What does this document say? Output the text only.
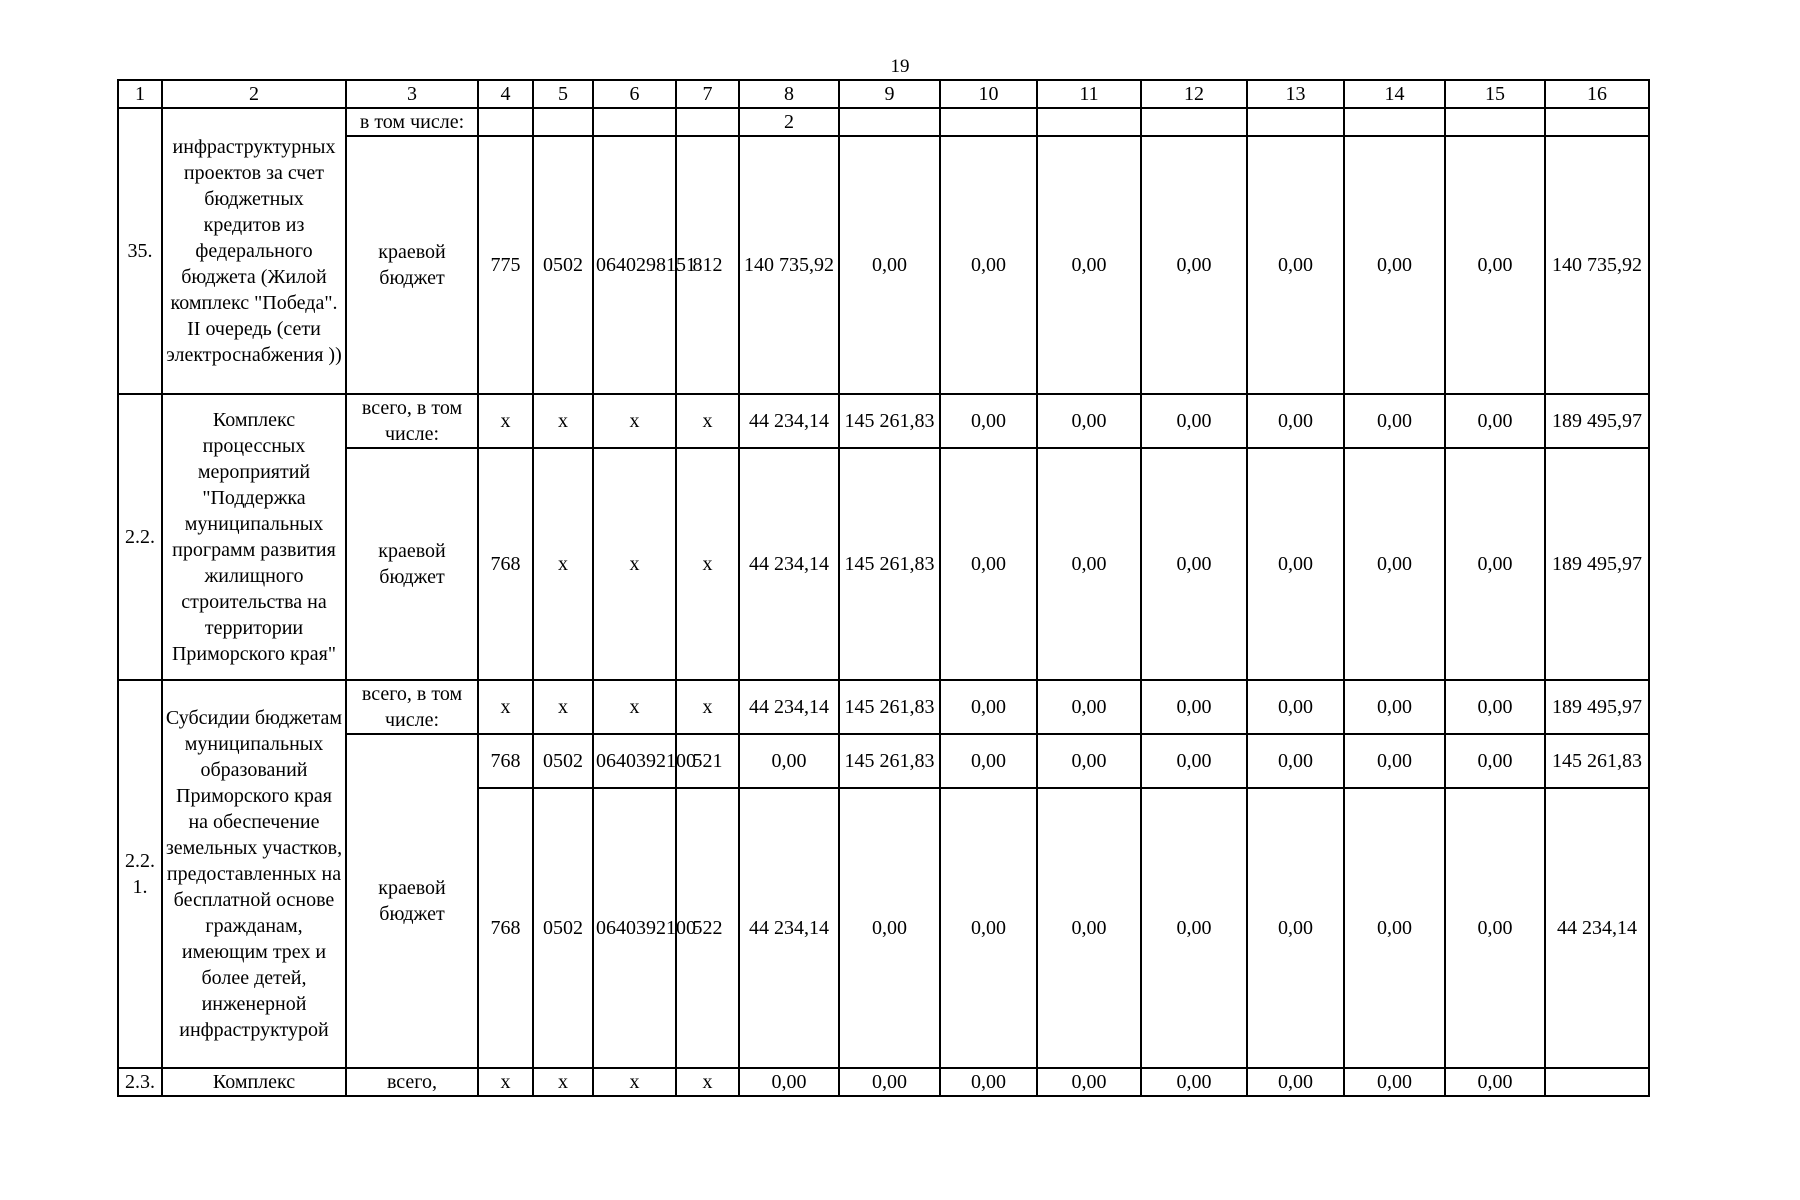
19
1	2	3	4	5	6	7	8	9	10	11	12	13	14	15	16
35.	инфраструктурных проектов за счет бюджетных кредитов из федерального бюджета (Жилой комплекс "Победа". II очередь (сети электроснабжения ))	в том числе:					2								
		краевой бюджет	775	0502	0640298151	812	140 735,92	0,00	0,00	0,00	0,00	0,00	0,00	0,00	140 735,92
2.2.	Комплекс процессных мероприятий "Поддержка муниципальных программ развития жилищного строительства на территории Приморского края"	всего, в том числе:	x	x	x	x	44 234,14	145 261,83	0,00	0,00	0,00	0,00	0,00	0,00	189 495,97
		краевой бюджет	768	x	x	x	44 234,14	145 261,83	0,00	0,00	0,00	0,00	0,00	0,00	189 495,97
2.2. 1.	Субсидии бюджетам муниципальных образований Приморского края на обеспечение земельных участков, предоставленных на бесплатной основе гражданам, имеющим трех и более детей, инженерной инфраструктурой	всего, в том числе:	x	x	x	x	44 234,14	145 261,83	0,00	0,00	0,00	0,00	0,00	0,00	189 495,97
		краевой бюджет	768	0502	0640392100	521	0,00	145 261,83	0,00	0,00	0,00	0,00	0,00	0,00	145 261,83
			768	0502	0640392100	522	44 234,14	0,00	0,00	0,00	0,00	0,00	0,00	0,00	44 234,14
2.3.	Комплекс	всего,	x	x	x	x	0,00	0,00	0,00	0,00	0,00	0,00	0,00	0,00	
